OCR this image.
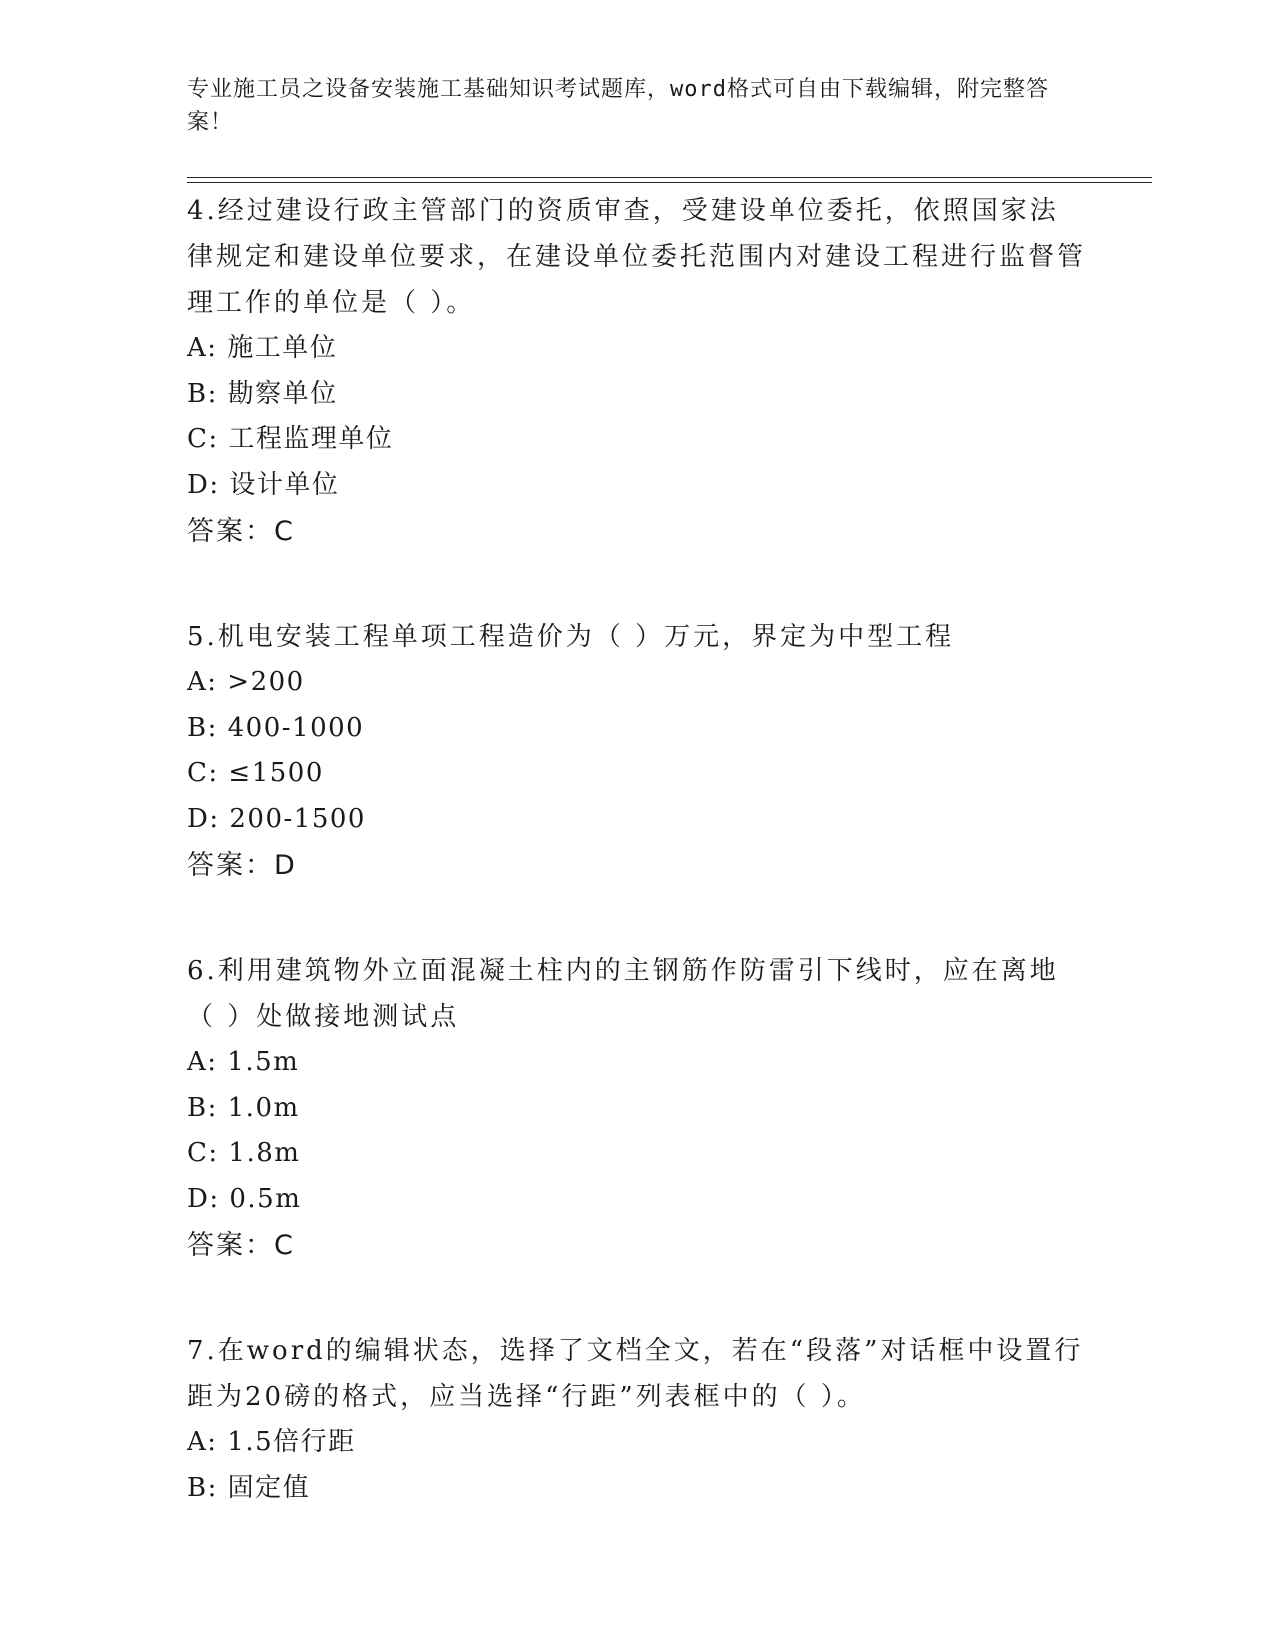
专业施工员之设备安装施工基础知识考试题库，word格式可自由下载编辑，附完整答案！
4.经过建设行政主管部门的资质审查，受建设单位委托，依照国家法律规定和建设单位要求，在建设单位委托范围内对建设工程进行监督管理工作的单位是（ ）。
A: 施工单位
B: 勘察单位
C: 工程监理单位
D: 设计单位
答案：C
5.机电安装工程单项工程造价为（ ）万元，界定为中型工程
A: >200
B: 400-1000
C: ≤1500
D: 200-1500
答案：D
6.利用建筑物外立面混凝土柱内的主钢筋作防雷引下线时，应在离地（ ）处做接地测试点
A: 1.5m
B: 1.0m
C: 1.8m
D: 0.5m
答案：C
7.在word的编辑状态，选择了文档全文，若在“段落”对话框中设置行距为20磅的格式，应当选择“行距”列表框中的（ ）。
A: 1.5倍行距
B: 固定值
